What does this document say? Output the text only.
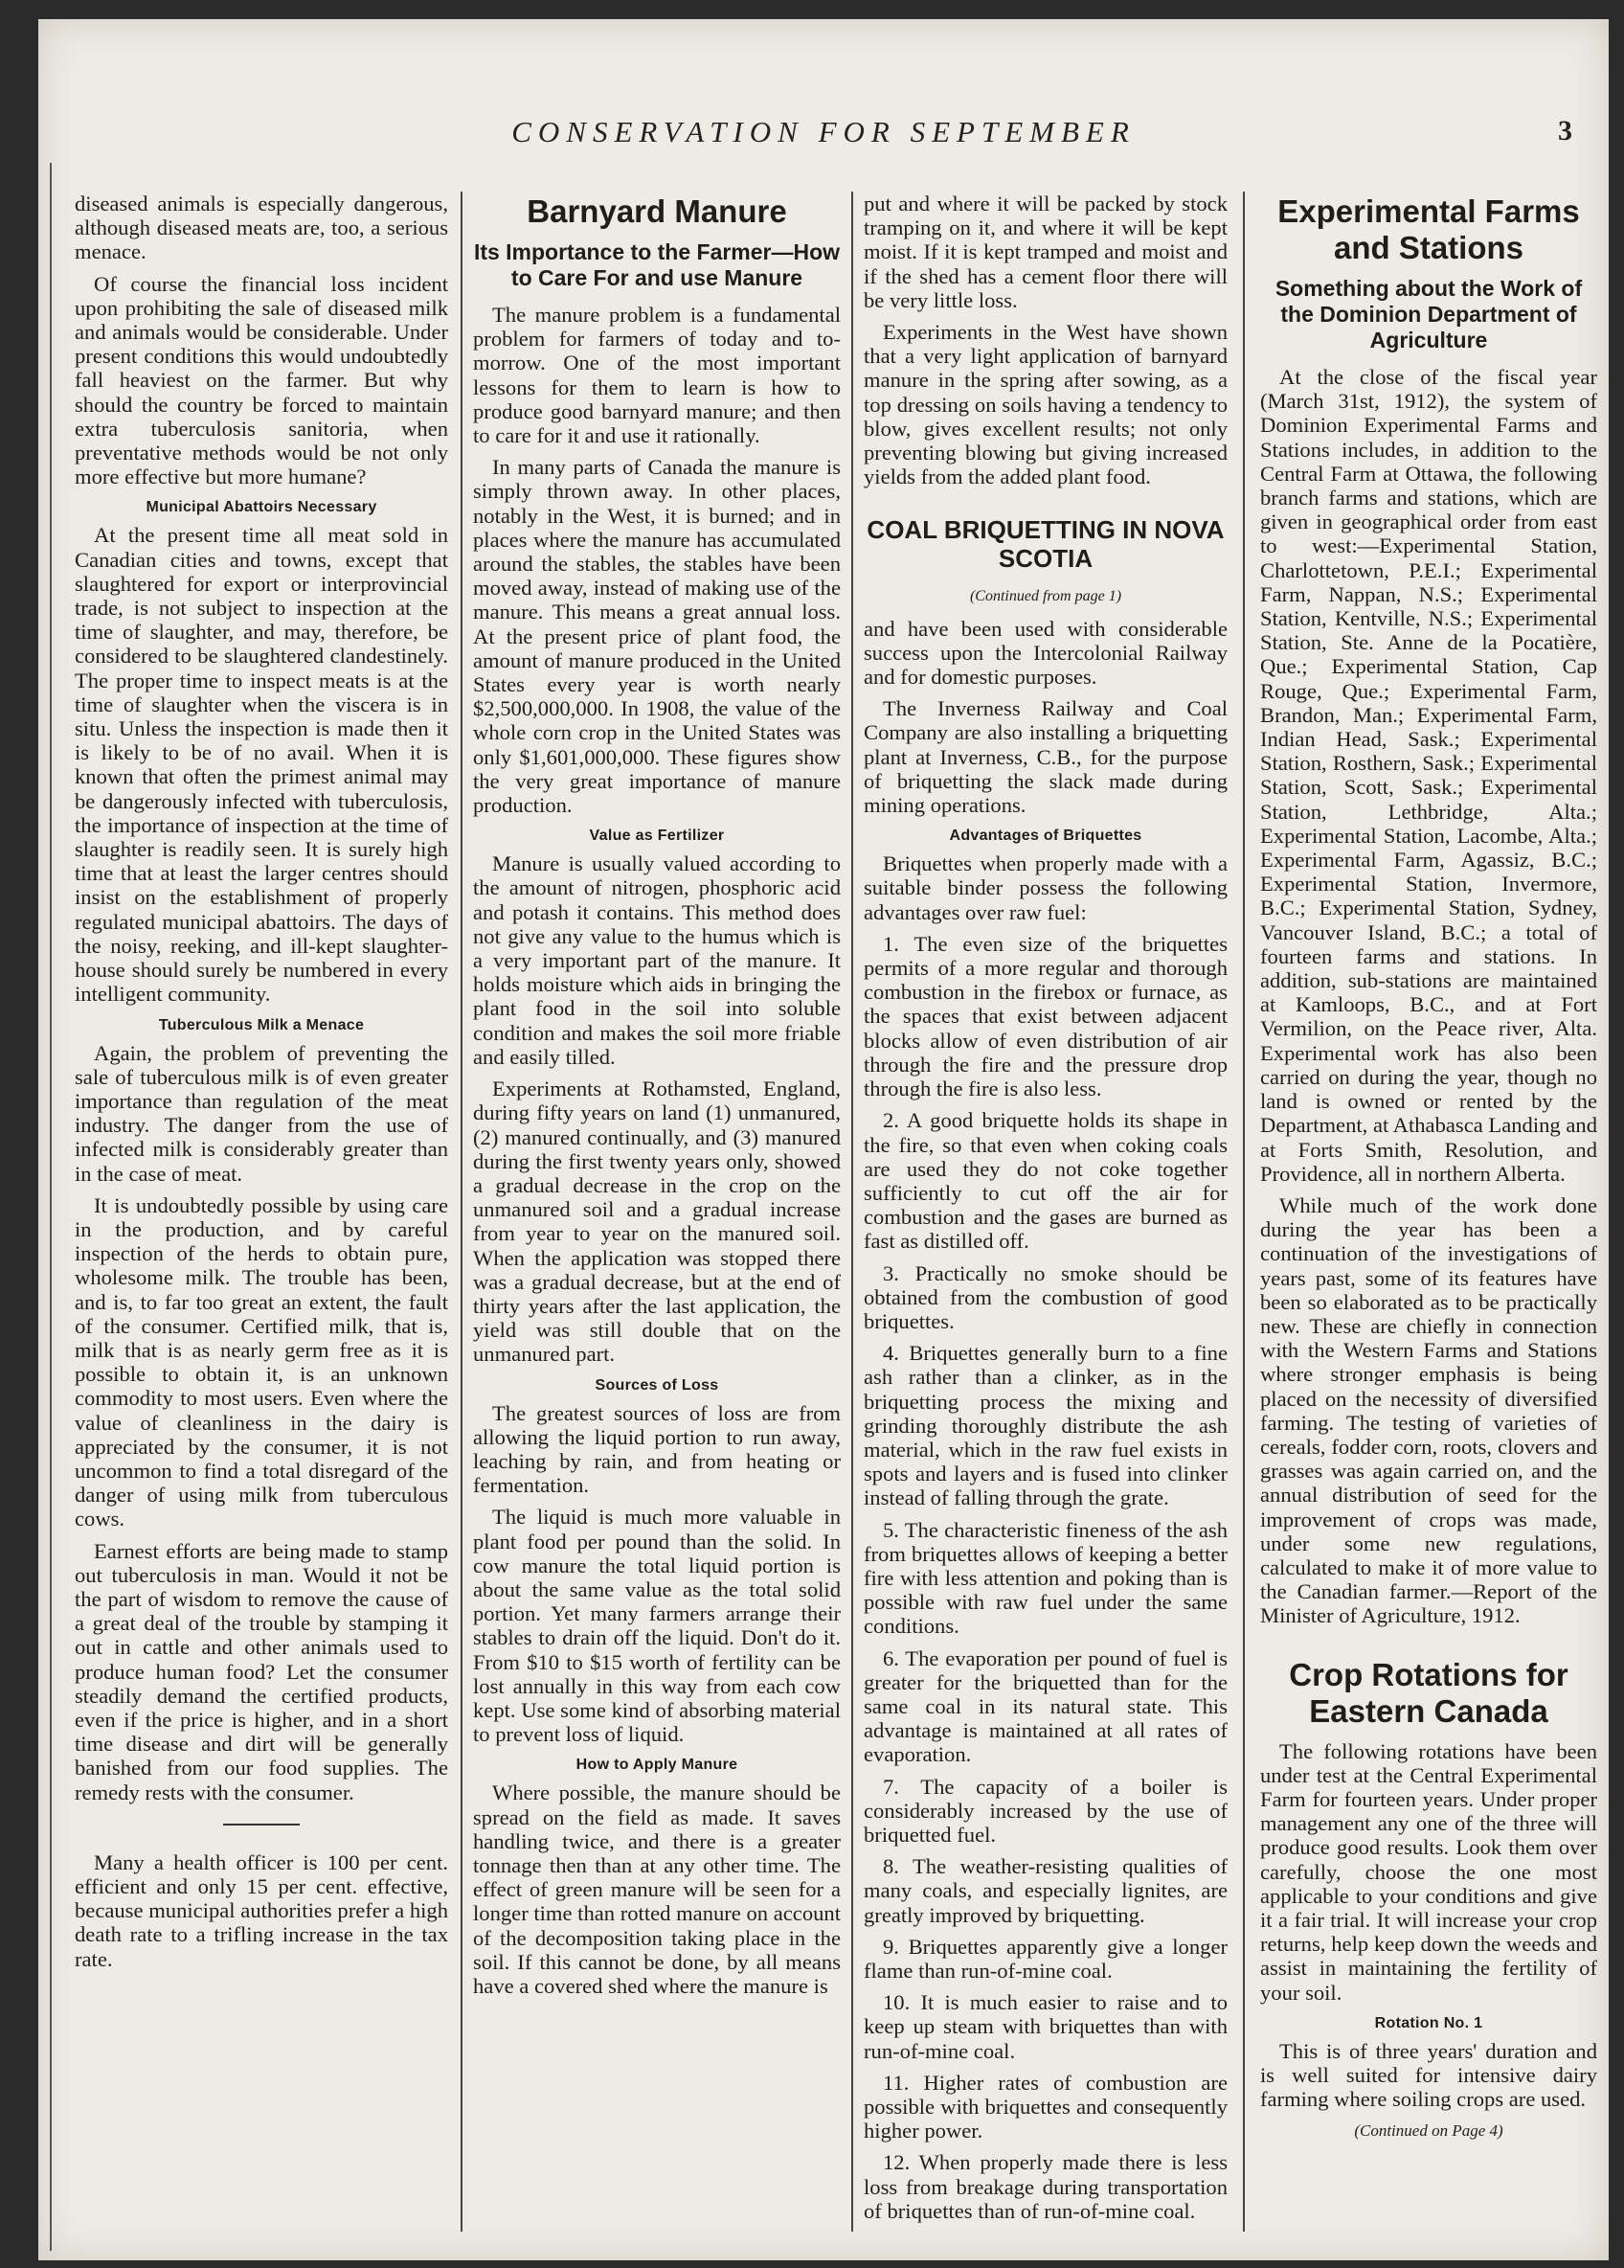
CONSERVATION FOR SEPTEMBER	3

diseased animals is especially dangerous, although diseased meats are, too, a serious menace.

Of course the financial loss incident upon prohibiting the sale of diseased milk and animals would be considerable. Under present conditions this would undoubtedly fall heaviest on the farmer. But why should the country be forced to maintain extra tuberculosis sanitoria, when preventative methods would be not only more effective but more humane?

Municipal Abattoirs Necessary

At the present time all meat sold in Canadian cities and towns, except that slaughtered for export or interprovincial trade, is not subject to inspection at the time of slaughter, and may, therefore, be considered to be slaughtered clandestinely. The proper time to inspect meats is at the time of slaughter when the viscera is in situ. Unless the inspection is made then it is likely to be of no avail. When it is known that often the primest animal may be dangerously infected with tuberculosis, the importance of inspection at the time of slaughter is readily seen. It is surely high time that at least the larger centres should insist on the establishment of properly regulated municipal abattoirs. The days of the noisy, reeking, and ill-kept slaughter-house should surely be numbered in every intelligent community.

Tuberculous Milk a Menace

Again, the problem of preventing the sale of tuberculous milk is of even greater importance than regulation of the meat industry. The danger from the use of infected milk is considerably greater than in the case of meat.

It is undoubtedly possible by using care in the production, and by careful inspection of the herds to obtain pure, wholesome milk. The trouble has been, and is, to far too great an extent, the fault of the consumer. Certified milk, that is, milk that is as nearly germ free as it is possible to obtain it, is an unknown commodity to most users. Even where the value of cleanliness in the dairy is appreciated by the consumer, it is not uncommon to find a total disregard of the danger of using milk from tuberculous cows.

Earnest efforts are being made to stamp out tuberculosis in man. Would it not be the part of wisdom to remove the cause of a great deal of the trouble by stamping it out in cattle and other animals used to produce human food? Let the consumer steadily demand the certified products, even if the price is higher, and in a short time disease and dirt will be generally banished from our food supplies. The remedy rests with the consumer.

Many a health officer is 100 per cent. efficient and only 15 per cent. effective, because municipal authorities prefer a high death rate to a trifling increase in the tax rate.

Barnyard Manure
Its Importance to the Farmer—How to Care For and use Manure

The manure problem is a fundamental problem for farmers of today and to-morrow. One of the most important lessons for them to learn is how to produce good barnyard manure; and then to care for it and use it rationally.

In many parts of Canada the manure is simply thrown away. In other places, notably in the West, it is burned; and in places where the manure has accumulated around the stables, the stables have been moved away, instead of making use of the manure. This means a great annual loss. At the present price of plant food, the amount of manure produced in the United States every year is worth nearly $2,500,000,000. In 1908, the value of the whole corn crop in the United States was only $1,601,000,000. These figures show the very great importance of manure production.

Value as Fertilizer

Manure is usually valued according to the amount of nitrogen, phosphoric acid and potash it contains. This method does not give any value to the humus which is a very important part of the manure. It holds moisture which aids in bringing the plant food in the soil into soluble condition and makes the soil more friable and easily tilled.

Experiments at Rothamsted, England, during fifty years on land (1) unmanured, (2) manured continually, and (3) manured during the first twenty years only, showed a gradual decrease in the crop on the unmanured soil and a gradual increase from year to year on the manured soil. When the application was stopped there was a gradual decrease, but at the end of thirty years after the last application, the yield was still double that on the unmanured part.

Sources of Loss

The greatest sources of loss are from allowing the liquid portion to run away, leaching by rain, and from heating or fermentation.

The liquid is much more valuable in plant food per pound than the solid. In cow manure the total liquid portion is about the same value as the total solid portion. Yet many farmers arrange their stables to drain off the liquid. Don't do it. From $10 to $15 worth of fertility can be lost annually in this way from each cow kept. Use some kind of absorbing material to prevent loss of liquid.

How to Apply Manure

Where possible, the manure should be spread on the field as made. It saves handling twice, and there is a greater tonnage then than at any other time. The effect of green manure will be seen for a longer time than rotted manure on account of the decomposition taking place in the soil. If this cannot be done, by all means have a covered shed where the manure is

put and where it will be packed by stock tramping on it, and where it will be kept moist. If it is kept tramped and moist and if the shed has a cement floor there will be very little loss.

Experiments in the West have shown that a very light application of barnyard manure in the spring after sowing, as a top dressing on soils having a tendency to blow, gives excellent results; not only preventing blowing but giving increased yields from the added plant food.

COAL BRIQUETTING IN NOVA SCOTIA

(Continued from page 1)

and have been used with considerable success upon the Intercolonial Railway and for domestic purposes.

The Inverness Railway and Coal Company are also installing a briquetting plant at Inverness, C.B., for the purpose of briquetting the slack made during mining operations.

Advantages of Briquettes

Briquettes when properly made with a suitable binder possess the following advantages over raw fuel:

1. The even size of the briquettes permits of a more regular and thorough combustion in the firebox or furnace, as the spaces that exist between adjacent blocks allow of even distribution of air through the fire and the pressure drop through the fire is also less.

2. A good briquette holds its shape in the fire, so that even when coking coals are used they do not coke together sufficiently to cut off the air for combustion and the gases are burned as fast as distilled off.

3. Practically no smoke should be obtained from the combustion of good briquettes.

4. Briquettes generally burn to a fine ash rather than a clinker, as in the briquetting process the mixing and grinding thoroughly distribute the ash material, which in the raw fuel exists in spots and layers and is fused into clinker instead of falling through the grate.

5. The characteristic fineness of the ash from briquettes allows of keeping a better fire with less attention and poking than is possible with raw fuel under the same conditions.

6. The evaporation per pound of fuel is greater for the briquetted than for the same coal in its natural state. This advantage is maintained at all rates of evaporation.

7. The capacity of a boiler is considerably increased by the use of briquetted fuel.

8. The weather-resisting qualities of many coals, and especially lignites, are greatly improved by briquetting.

9. Briquettes apparently give a longer flame than run-of-mine coal.

10. It is much easier to raise and to keep up steam with briquettes than with run-of-mine coal.

11. Higher rates of combustion are possible with briquettes and consequently higher power.

12. When properly made there is less loss from breakage during transportation of briquettes than of run-of-mine coal.

Experimental Farms and Stations
Something about the Work of the Dominion Department of Agriculture

At the close of the fiscal year (March 31st, 1912), the system of Dominion Experimental Farms and Stations includes, in addition to the Central Farm at Ottawa, the following branch farms and stations, which are given in geographical order from east to west:—Experimental Station, Charlottetown, P.E.I.; Experimental Farm, Nappan, N.S.; Experimental Station, Kentville, N.S.; Experimental Station, Ste. Anne de la Pocatière, Que.; Experimental Station, Cap Rouge, Que.; Experimental Farm, Brandon, Man.; Experimental Farm, Indian Head, Sask.; Experimental Station, Rosthern, Sask.; Experimental Station, Scott, Sask.; Experimental Station, Lethbridge, Alta.; Experimental Station, Lacombe, Alta.; Experimental Farm, Agassiz, B.C.; Experimental Station, Invermore, B.C.; Experimental Station, Sydney, Vancouver Island, B.C.; a total of fourteen farms and stations. In addition, sub-stations are maintained at Kamloops, B.C., and at Fort Vermilion, on the Peace river, Alta. Experimental work has also been carried on during the year, though no land is owned or rented by the Department, at Athabasca Landing and at Forts Smith, Resolution, and Providence, all in northern Alberta.

While much of the work done during the year has been a continuation of the investigations of years past, some of its features have been so elaborated as to be practically new. These are chiefly in connection with the Western Farms and Stations where stronger emphasis is being placed on the necessity of diversified farming. The testing of varieties of cereals, fodder corn, roots, clovers and grasses was again carried on, and the annual distribution of seed for the improvement of crops was made, under some new regulations, calculated to make it of more value to the Canadian farmer.—Report of the Minister of Agriculture, 1912.

Crop Rotations for Eastern Canada

The following rotations have been under test at the Central Experimental Farm for fourteen years. Under proper management any one of the three will produce good results. Look them over carefully, choose the one most applicable to your conditions and give it a fair trial. It will increase your crop returns, help keep down the weeds and assist in maintaining the fertility of your soil.

Rotation No. 1

This is of three years' duration and is well suited for intensive dairy farming where soiling crops are used.

(Continued on Page 4)
